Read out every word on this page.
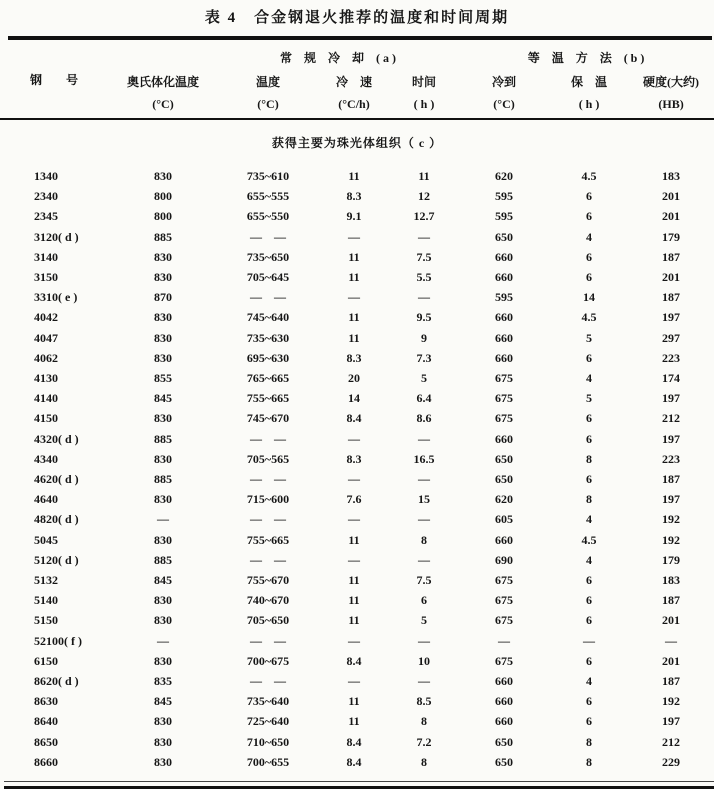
表 4　合金钢退火推荐的温度和时间周期
		常　规　冷　却　( a )			等　温　方　法　( b )		
钢　　号	奥氏体化温度	温度	冷　速	时间	冷到	保　温	硬度(大约)
	(°C)	(°C)	(°C/h)	( h )	(°C)	( h )	(HB)
获得主要为珠光体组织（ c ）							
1340	830	735~610	11	11	620	4.5	183
2340	800	655~555	8.3	12	595	6	201
2345	800	655~550	9.1	12.7	595	6	201
3120( d )	885	—　—	—	—	650	4	179
3140	830	735~650	11	7.5	660	6	187
3150	830	705~645	11	5.5	660	6	201
3310( e )	870	—　—	—	—	595	14	187
4042	830	745~640	11	9.5	660	4.5	197
4047	830	735~630	11	9	660	5	297
4062	830	695~630	8.3	7.3	660	6	223
4130	855	765~665	20	5	675	4	174
4140	845	755~665	14	6.4	675	5	197
4150	830	745~670	8.4	8.6	675	6	212
4320( d )	885	—　—	—	—	660	6	197
4340	830	705~565	8.3	16.5	650	8	223
4620( d )	885	—　—	—	—	650	6	187
4640	830	715~600	7.6	15	620	8	197
4820( d )	—	—　—	—	—	605	4	192
5045	830	755~665	11	8	660	4.5	192
5120( d )	885	—　—	—	—	690	4	179
5132	845	755~670	11	7.5	675	6	183
5140	830	740~670	11	6	675	6	187
5150	830	705~650	11	5	675	6	201
52100( f )	—	—　—	—	—	—	—	—
6150	830	700~675	8.4	10	675	6	201
8620( d )	835	—　—	—	—	660	4	187
8630	845	735~640	11	8.5	660	6	192
8640	830	725~640	11	8	660	6	197
8650	830	710~650	8.4	7.2	650	8	212
8660	830	700~655	8.4	8	650	8	229
